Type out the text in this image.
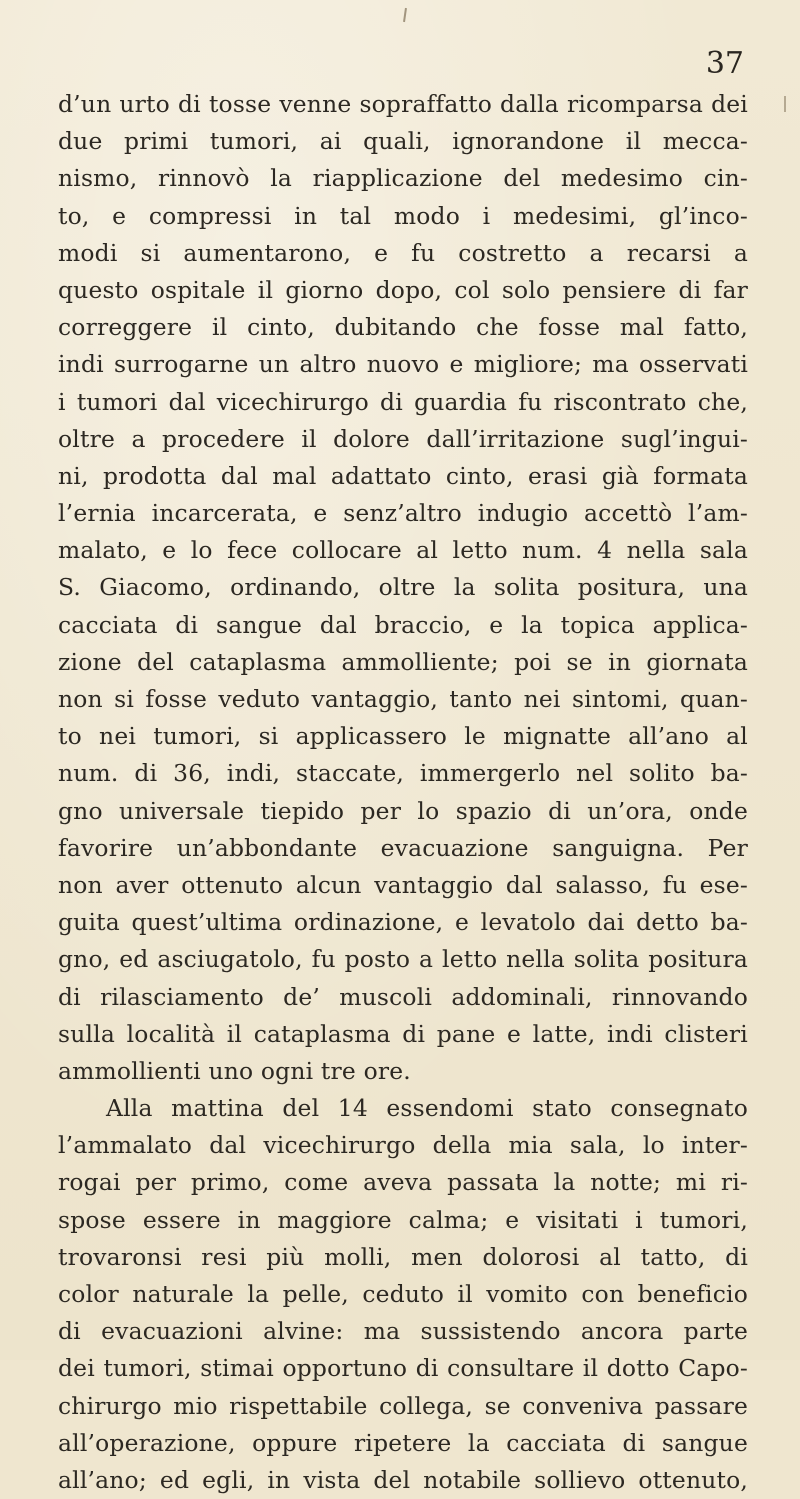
37
d’un urto di tosse venne sopraffatto dalla ricomparsa dei
due primi tumori, ai quali, ignorandone il mecca-
nismo, rinnovò la riapplicazione del medesimo cin-
to, e compressi in tal modo i medesimi, gl’inco-
modi si aumentarono, e fu costretto a recarsi a
questo ospitale il giorno dopo, col solo pensiere di far
correggere il cinto, dubitando che fosse mal fatto,
indi surrogarne un altro nuovo e migliore; ma osservati
i tumori dal vicechirurgo di guardia fu riscontrato che,
oltre a procedere il dolore dall’irritazione sugl’ingui-
ni, prodotta dal mal adattato cinto, erasi già formata
l’ernia incarcerata, e senz’altro indugio accettò l’am-
malato, e lo fece collocare al letto num. 4 nella sala
S. Giacomo, ordinando, oltre la solita positura, una
cacciata di sangue dal braccio, e la topica applica-
zione del cataplasma ammolliente; poi se in giornata
non si fosse veduto vantaggio, tanto nei sintomi, quan-
to nei tumori, si applicassero le mignatte all’ano al
num. di 36, indi, staccate, immergerlo nel solito ba-
gno universale tiepido per lo spazio di un’ora, onde
favorire un’abbondante evacuazione sanguigna. Per
non aver ottenuto alcun vantaggio dal salasso, fu ese-
guita quest’ultima ordinazione, e levatolo dai detto ba-
gno, ed asciugatolo, fu posto a letto nella solita positura
di rilasciamento de’ muscoli addominali, rinnovando
sulla località il cataplasma di pane e latte, indi clisteri
ammollienti uno ogni tre ore.
Alla mattina del 14 essendomi stato consegnato
l’ammalato dal vicechirurgo della mia sala, lo inter-
rogai per primo, come aveva passata la notte; mi ri-
spose essere in maggiore calma; e visitati i tumori,
trovaronsi resi più molli, men dolorosi al tatto, di
color naturale la pelle, ceduto il vomito con beneficio
di evacuazioni alvine: ma sussistendo ancora parte
dei tumori, stimai opportuno di consultare il dotto Capo-
chirurgo mio rispettabile collega, se conveniva passare
all’operazione, oppure ripetere la cacciata di sangue
all’ano; ed egli, in vista del notabile sollievo ottenuto,
